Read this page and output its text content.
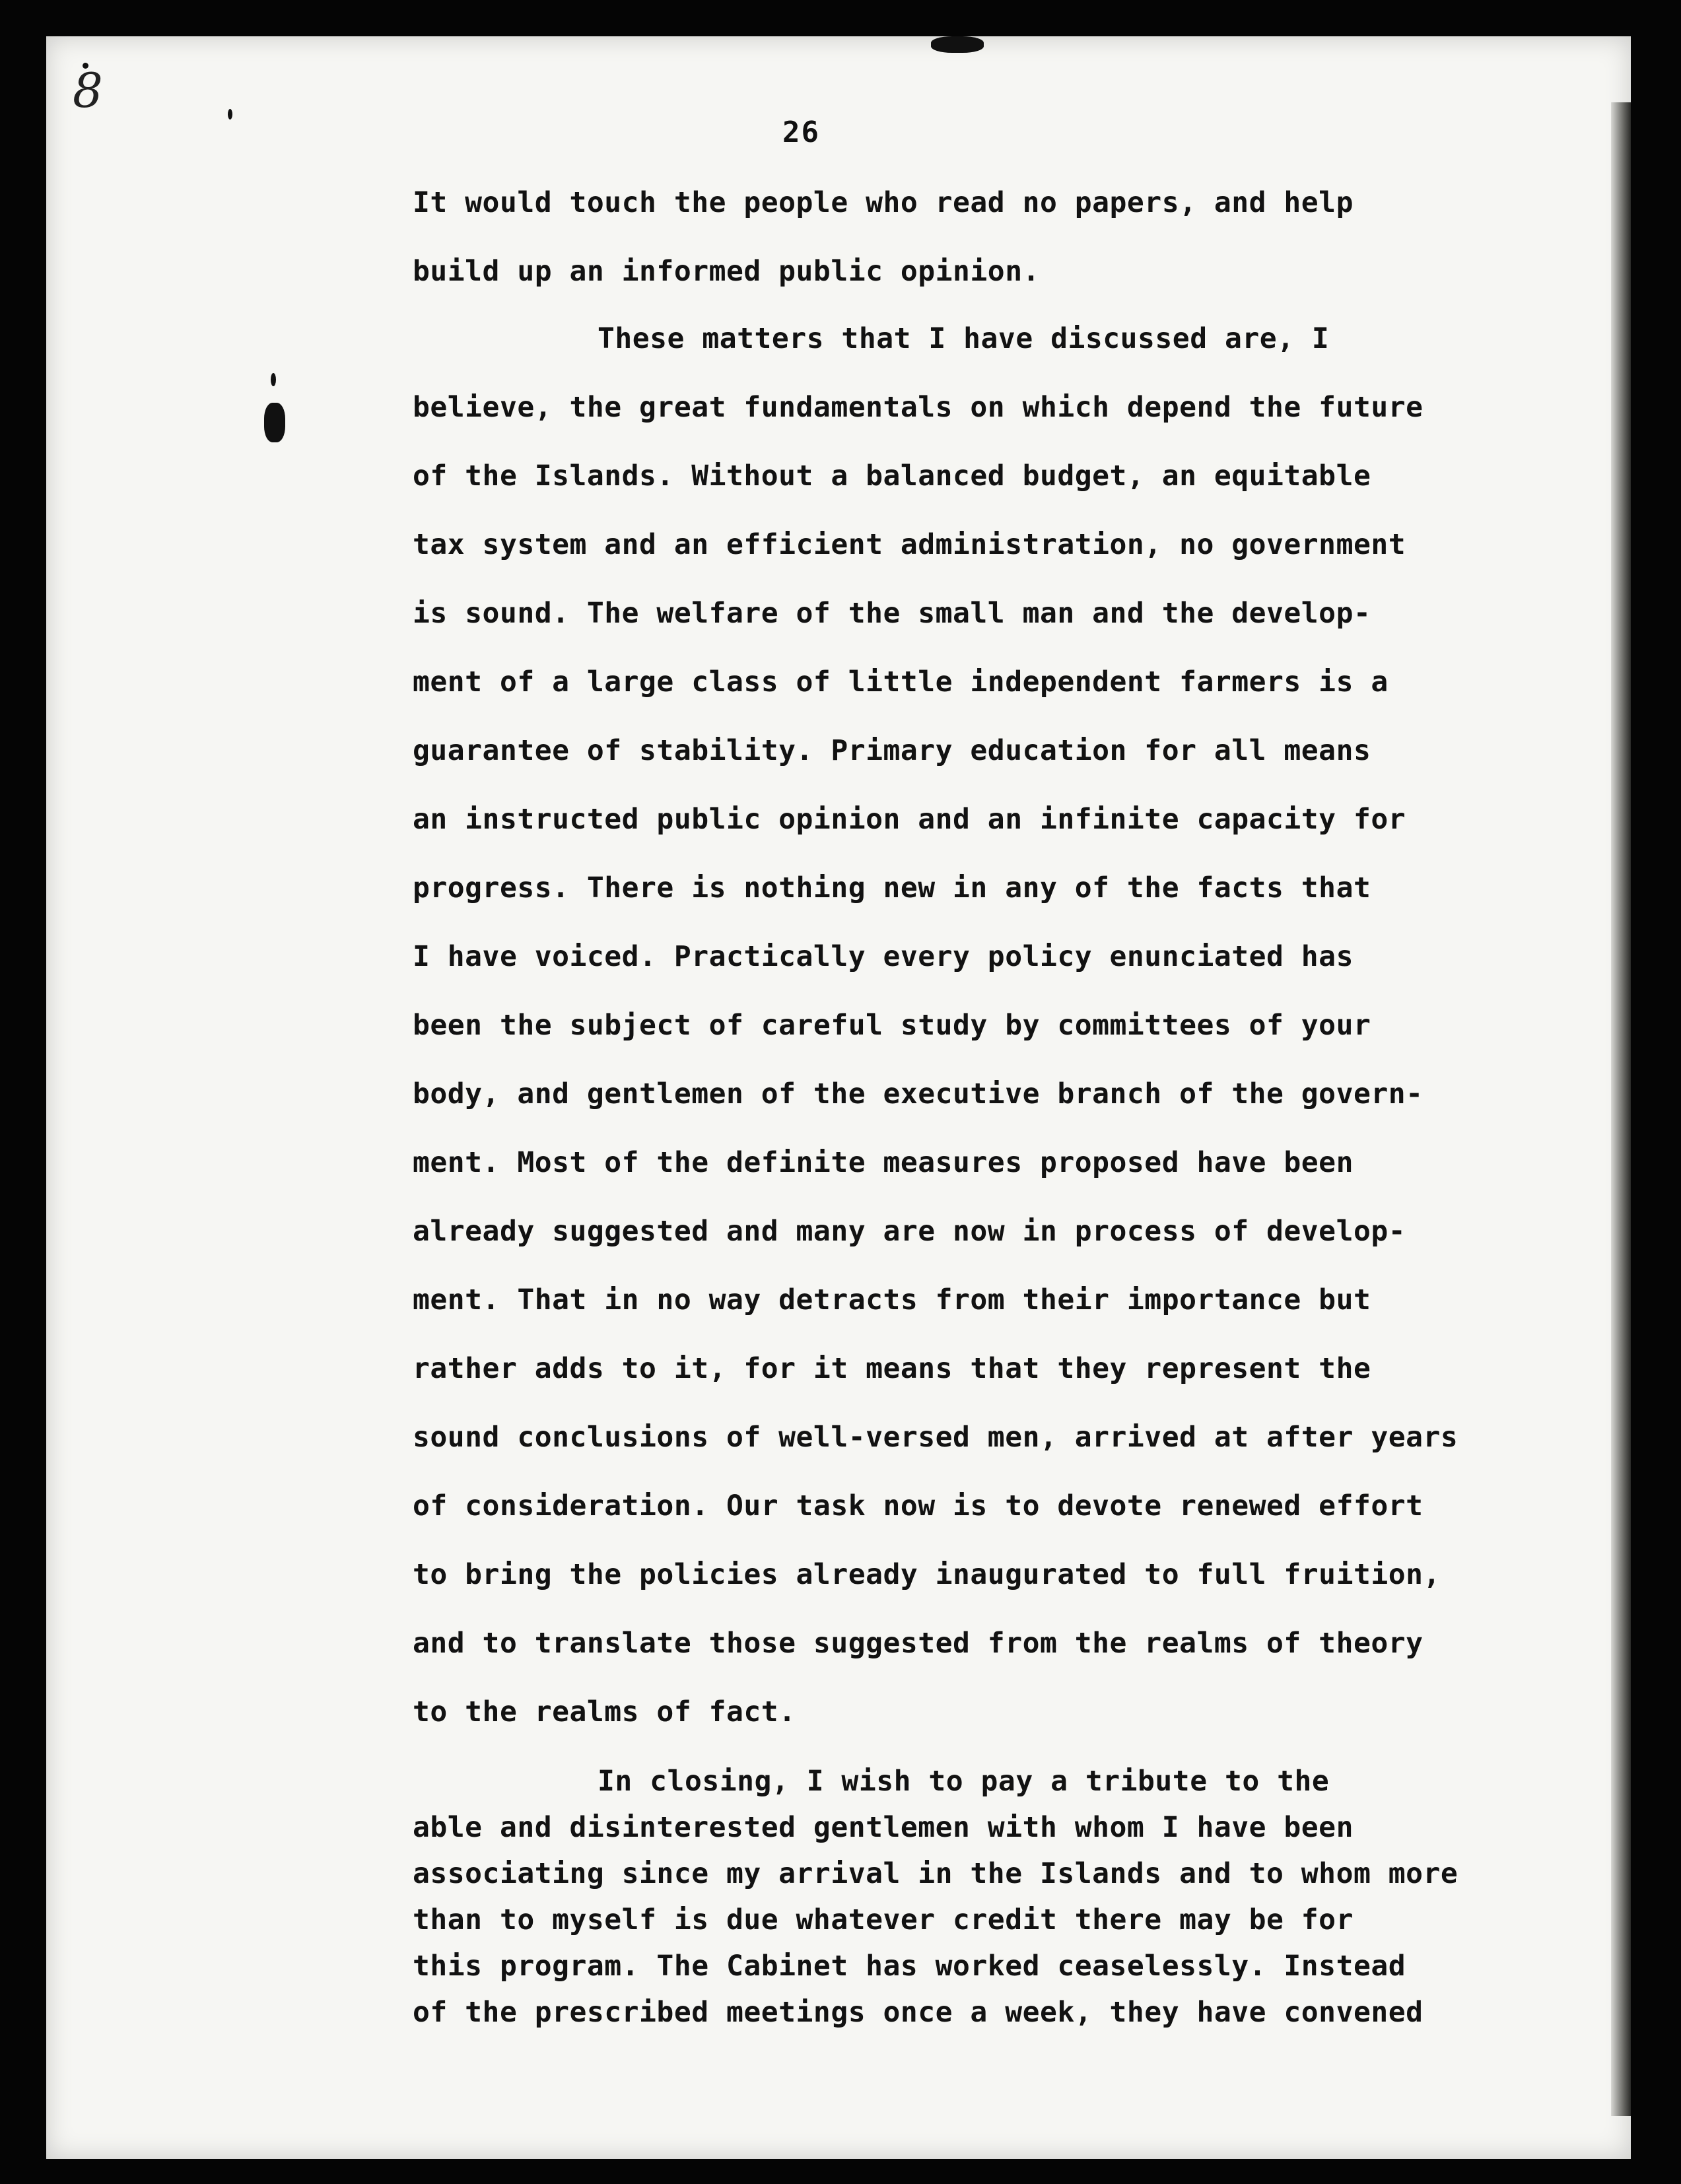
8
26
It would touch the people who read no papers, and help
build up an informed public opinion.
These matters that I have discussed are, I
believe, the great fundamentals on which depend the future
of the Islands. Without a balanced budget, an equitable
tax system and an efficient administration, no government
is sound. The welfare of the small man and the develop-
ment of a large class of little independent farmers is a
guarantee of stability. Primary education for all means
an instructed public opinion and an infinite capacity for
progress. There is nothing new in any of the facts that
I have voiced. Practically every policy enunciated has
been the subject of careful study by committees of your
body, and gentlemen of the executive branch of the govern-
ment. Most of the definite measures proposed have been
already suggested and many are now in process of develop-
ment. That in no way detracts from their importance but
rather adds to it, for it means that they represent the
sound conclusions of well-versed men, arrived at after years
of consideration. Our task now is to devote renewed effort
to bring the policies already inaugurated to full fruition,
and to translate those suggested from the realms of theory
to the realms of fact.
In closing, I wish to pay a tribute to the
able and disinterested gentlemen with whom I have been
associating since my arrival in the Islands and to whom more
than to myself is due whatever credit there may be for
this program. The Cabinet has worked ceaselessly. Instead
of the prescribed meetings once a week, they have convened
